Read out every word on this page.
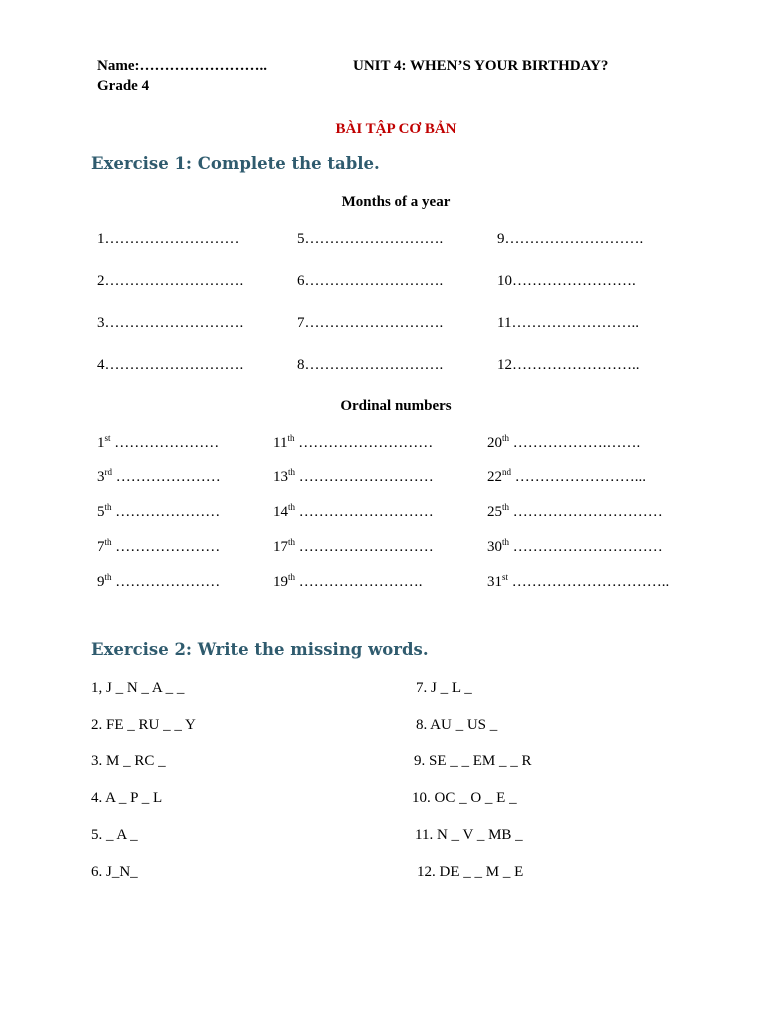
Name:……………………..	UNIT 4: WHEN’S YOUR BIRTHDAY?
Grade 4
BÀI TẬP CƠ BẢN
Exercise 1: Complete the table.
Months of a year
1………………………	5……………………….	9……………………….
2……………………….	6……………………….	10…………………….
3……………………….	7……………………….	11……………………..
4……………………….	8……………………….	12……………………..
Ordinal numbers
1st …………………	11th ………………………	20th ……………….…….
3rd …………………	13th ………………………	22nd ……………………...
5th …………………	14th ………………………	25th …………………………
7th …………………	17th ………………………	30th …………………………
9th …………………	19th …………………….	31st …………………………..
Exercise 2: Write the missing words.
1, J _ N _ A _ _
2. FE _ RU _ _ Y
3. M _ RC _
4. A _ P _ L
5. _ A _
6. J_N_
7. J _ L _
8. AU _ US _
9. SE _ _ EM _ _ R
10. OC _ O _ E _
11. N _ V _ MB _
12. DE _ _ M _ E
